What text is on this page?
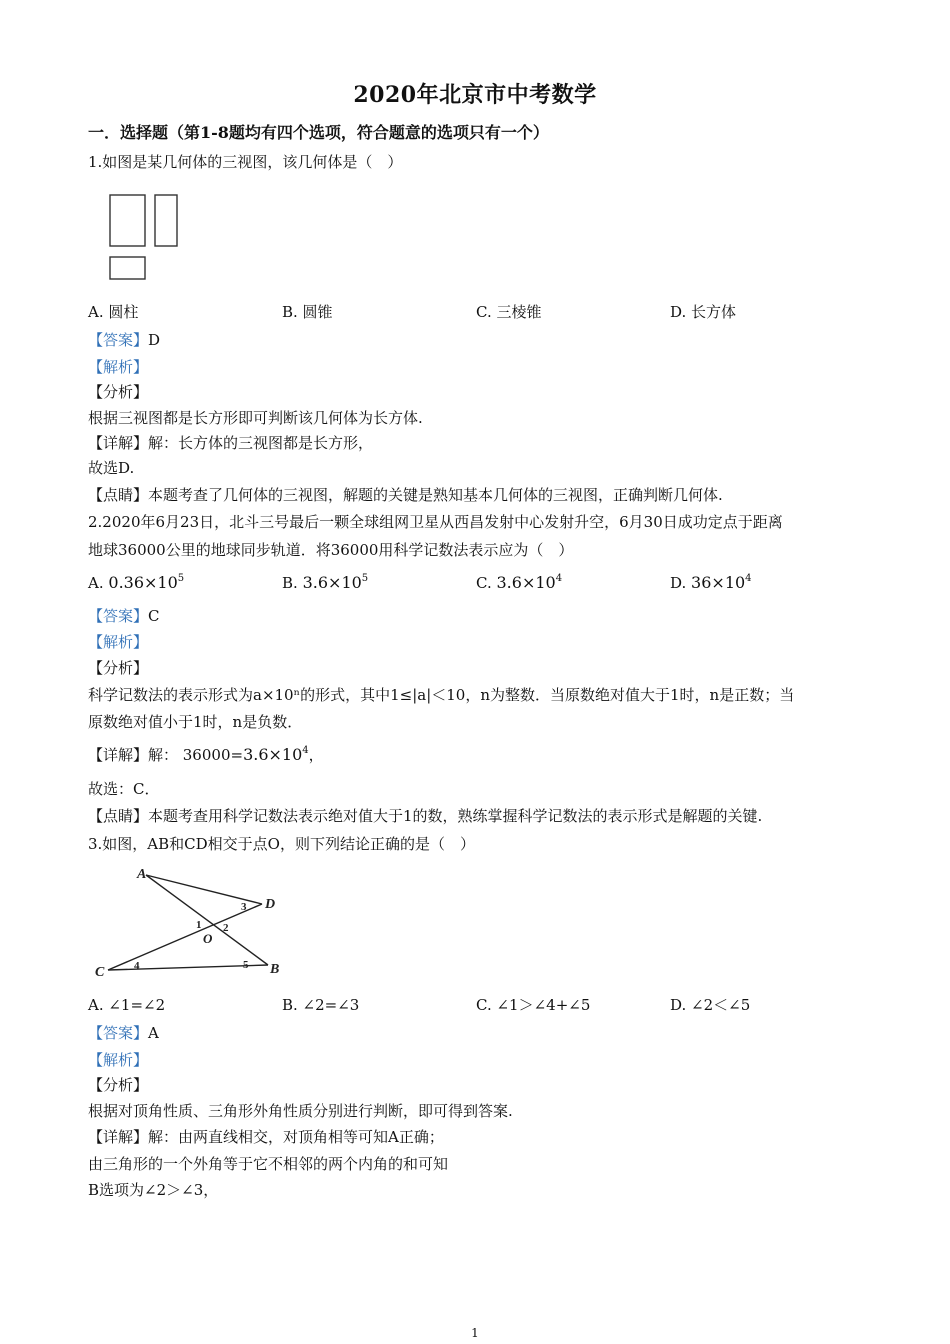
2020年北京市中考数学
一．选择题（第1-8题均有四个选项，符合题意的选项只有一个）
1.如图是某几何体的三视图，该几何体是（　）
A. 圆柱	B. 圆锥	C. 三棱锥	D. 长方体
【答案】D
【解析】
【分析】
根据三视图都是长方形即可判断该几何体为长方体.
【详解】解：长方体的三视图都是长方形，
故选D.
【点睛】本题考查了几何体的三视图，解题的关键是熟知基本几何体的三视图，正确判断几何体.
2.2020年6月23日，北斗三号最后一颗全球组网卫星从西昌发射中心发射升空，6月30日成功定点于距离
地球36000公里的地球同步轨道．将36000用科学记数法表示应为（　）
A. $0.36\times 10^5$	B. $3.6\times 10^5$	C. $3.6\times 10^4$	D. $36\times 10^4$
【答案】C
【解析】
【分析】
科学记数法的表示形式为a×10ⁿ的形式，其中1≤|a|＜10，n为整数．当原数绝对值大于1时，n是正数；当
原数绝对值小于1时，n是负数．
【详解】解： $36000=3.6\times 10^4$，
故选：C．
【点睛】本题考查用科学记数法表示绝对值大于1的数，熟练掌握科学记数法的表示形式是解题的关键.
3.如图，AB和CD相交于点O，则下列结论正确的是（　）
A
D
C	B
O
1 2
3
4	5
A. ∠1=∠2	B. ∠2=∠3	C. ∠1＞∠4+∠5	D. ∠2＜∠5
【答案】A
【解析】
【分析】
根据对顶角性质、三角形外角性质分别进行判断，即可得到答案.
【详解】解：由两直线相交，对顶角相等可知A正确；
由三角形的一个外角等于它不相邻的两个内角的和可知
B选项为∠2＞∠3，
1
